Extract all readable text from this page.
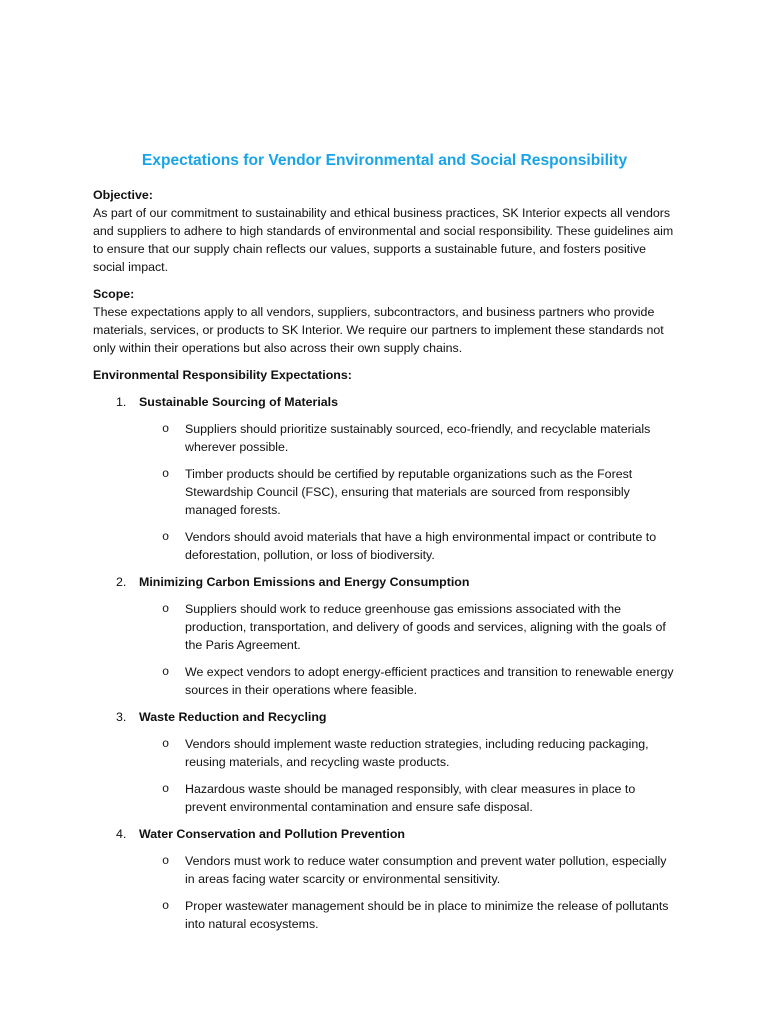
Expectations for Vendor Environmental and Social Responsibility

Objective:

As part of our commitment to sustainability and ethical business practices, SK Interior expects all vendors and suppliers to adhere to high standards of environmental and social responsibility. These guidelines aim to ensure that our supply chain reflects our values, supports a sustainable future, and fosters positive social impact.

Scope:

These expectations apply to all vendors, suppliers, subcontractors, and business partners who provide materials, services, or products to SK Interior. We require our partners to implement these standards not only within their operations but also across their own supply chains.

Environmental Responsibility Expectations:

1.	Sustainable Sourcing of Materials
o	Suppliers should prioritize sustainably sourced, eco-friendly, and recyclable materials wherever possible.
o	Timber products should be certified by reputable organizations such as the Forest Stewardship Council (FSC), ensuring that materials are sourced from responsibly managed forests.
o	Vendors should avoid materials that have a high environmental impact or contribute to deforestation, pollution, or loss of biodiversity.
2.	Minimizing Carbon Emissions and Energy Consumption
o	Suppliers should work to reduce greenhouse gas emissions associated with the production, transportation, and delivery of goods and services, aligning with the goals of the Paris Agreement.
o	We expect vendors to adopt energy-efficient practices and transition to renewable energy sources in their operations where feasible.
3.	Waste Reduction and Recycling
o	Vendors should implement waste reduction strategies, including reducing packaging, reusing materials, and recycling waste products.
o	Hazardous waste should be managed responsibly, with clear measures in place to prevent environmental contamination and ensure safe disposal.
4.	Water Conservation and Pollution Prevention
o	Vendors must work to reduce water consumption and prevent water pollution, especially in areas facing water scarcity or environmental sensitivity.
o	Proper wastewater management should be in place to minimize the release of pollutants into natural ecosystems.
